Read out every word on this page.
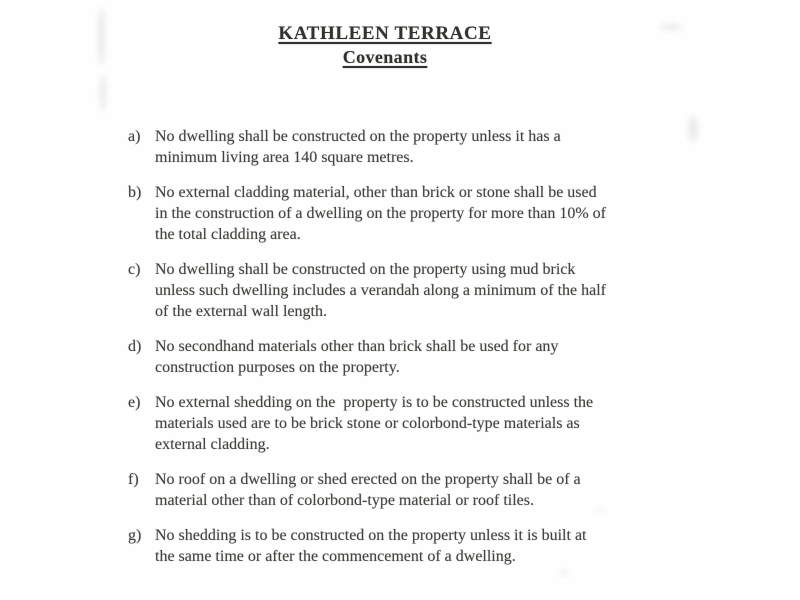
KATHLEEN TERRACE
Covenants
a) No dwelling shall be constructed on the property unless it has a
minimum living area 140 square metres.
b) No external cladding material, other than brick or stone shall be used
in the construction of a dwelling on the property for more than 10% of
the total cladding area.
c) No dwelling shall be constructed on the property using mud brick
unless such dwelling includes a verandah along a minimum of the half
of the external wall length.
d) No secondhand materials other than brick shall be used for any
construction purposes on the property.
e) No external shedding on the  property is to be constructed unless the
materials used are to be brick stone or colorbond-type materials as
external cladding.
f)	No roof on a dwelling or shed erected on the property shall be of a
material other than of colorbond-type material or roof tiles.
g) No shedding is to be constructed on the property unless it is built at
the same time or after the commencement of a dwelling.
